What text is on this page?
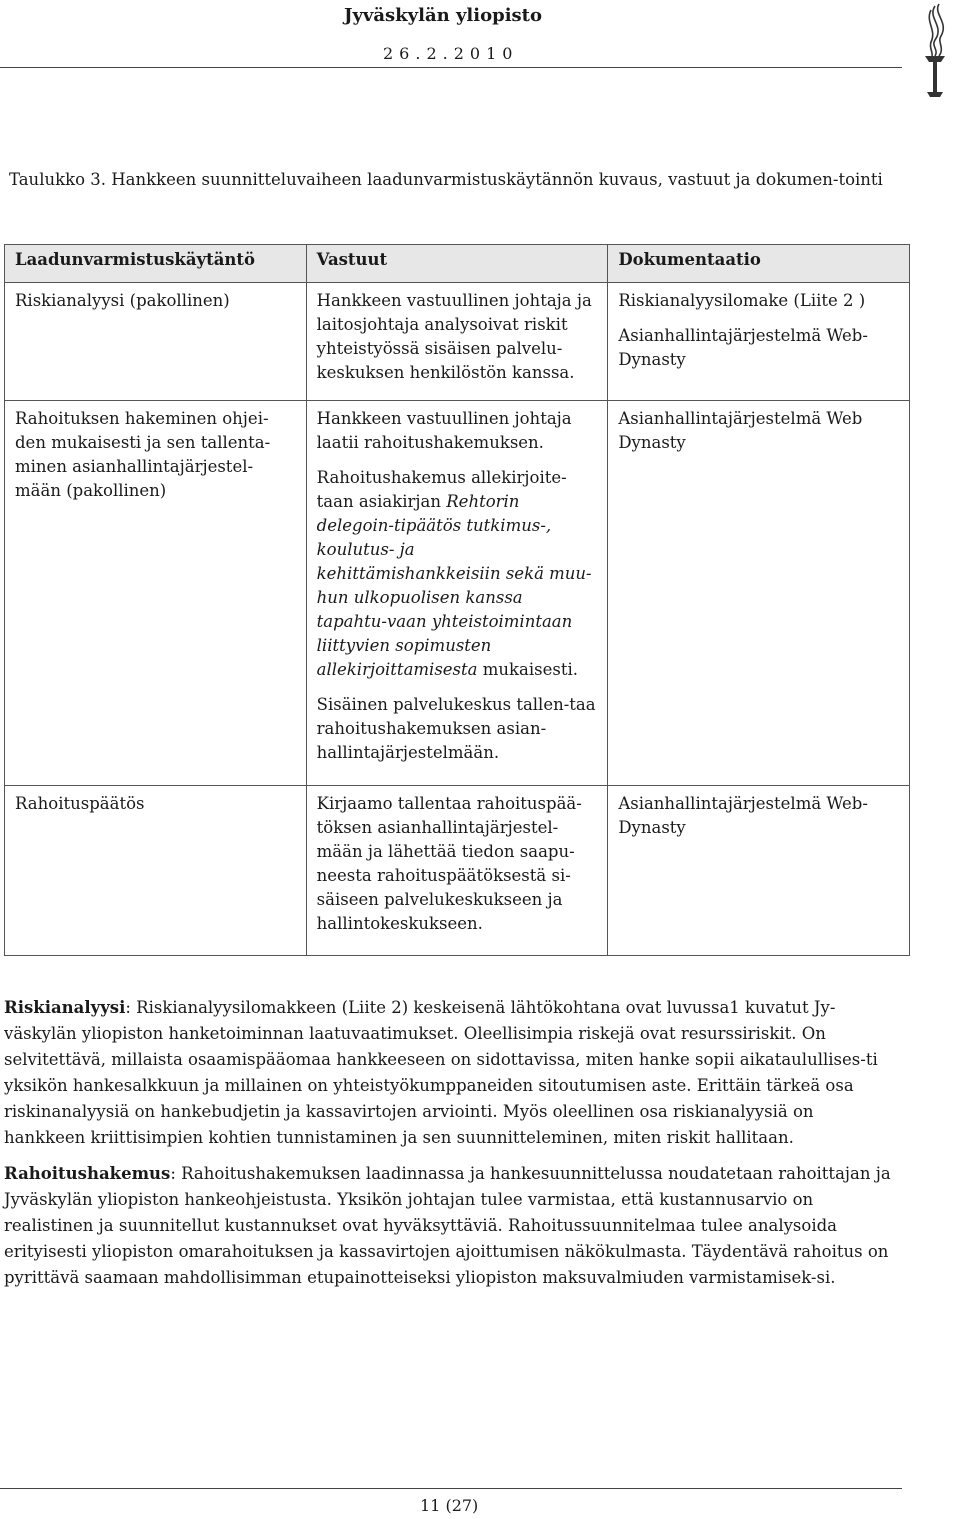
Jyväskylän yliopisto
26.2.2010
Taulukko 3. Hankkeen suunnitteluvaiheen laadunvarmistuskäytännön kuvaus, vastuut ja dokumen-tointi
Laadunvarmistuskäytäntö	Vastuut	Dokumentaatio
Riskianalyysi (pakollinen)	Hankkeen vastuullinen johtaja ja laitosjohtaja analysoivat riskit yhteistyössä sisäisen palvelu-keskuksen henkilöstön kanssa.	Riskianalyysilomake (Liite 2 )
Asianhallintajärjestelmä Web-Dynasty

Rahoituksen hakeminen ohjei-den mukaisesti ja sen tallenta-minen asianhallintajärjestel-mään (pakollinen)	Hankkeen vastuullinen johtaja laatii rahoitushakemuksen.
Rahoitushakemus allekirjoite-taan asiakirjan Rehtorin delegoin-tipäätös tutkimus-, koulutus- ja kehittämishankkeisiin sekä muu-hun ulkopuolisen kanssa tapahtu-vaan yhteistoimintaan liittyvien sopimusten allekirjoittamisesta mukaisesti.
Sisäinen palvelukeskus tallen-taa rahoitushakemuksen asian-hallintajärjestelmään.	Asianhallintajärjestelmä Web Dynasty

Rahoituspäätös	Kirjaamo tallentaa rahoituspää-töksen asianhallintajärjestel-mään ja lähettää tiedon saapu-neesta rahoituspäätöksestä si-säiseen palvelukeskukseen ja hallintokeskukseen.	Asianhallintajärjestelmä Web-Dynasty

Riskianalyysi: Riskianalyysilomakkeen (Liite 2) keskeisenä lähtökohtana ovat luvussa1 kuvatut Jy-väskylän yliopiston hanketoiminnan laatuvaatimukset. Oleellisimpia riskejä ovat resurssiriskit. On selvitettävä, millaista osaamispääomaa hankkeeseen on sidottavissa, miten hanke sopii aikataulullises-ti yksikön hankesalkkuun ja millainen on yhteistyökumppaneiden sitoutumisen aste. Erittäin tärkeä osa riskinanalyysiä on hankebudjetin ja kassavirtojen arviointi. Myös oleellinen osa riskianalyysiä on hankkeen kriittisimpien kohtien tunnistaminen ja sen suunnitteleminen, miten riskit hallitaan.

Rahoitushakemus: Rahoitushakemuksen laadinnassa ja hankesuunnittelussa noudatetaan rahoittajan ja Jyväskylän yliopiston hankeohjeistusta. Yksikön johtajan tulee varmistaa, että kustannusarvio on realistinen ja suunnitellut kustannukset ovat hyväksyttäviä. Rahoitussuunnitelmaa tulee analysoida erityisesti yliopiston omarahoituksen ja kassavirtojen ajoittumisen näkökulmasta. Täydentävä rahoitus on pyrittävä saamaan mahdollisimman etupainotteiseksi yliopiston maksuvalmiuden varmistamisek-si.

11 (27)
